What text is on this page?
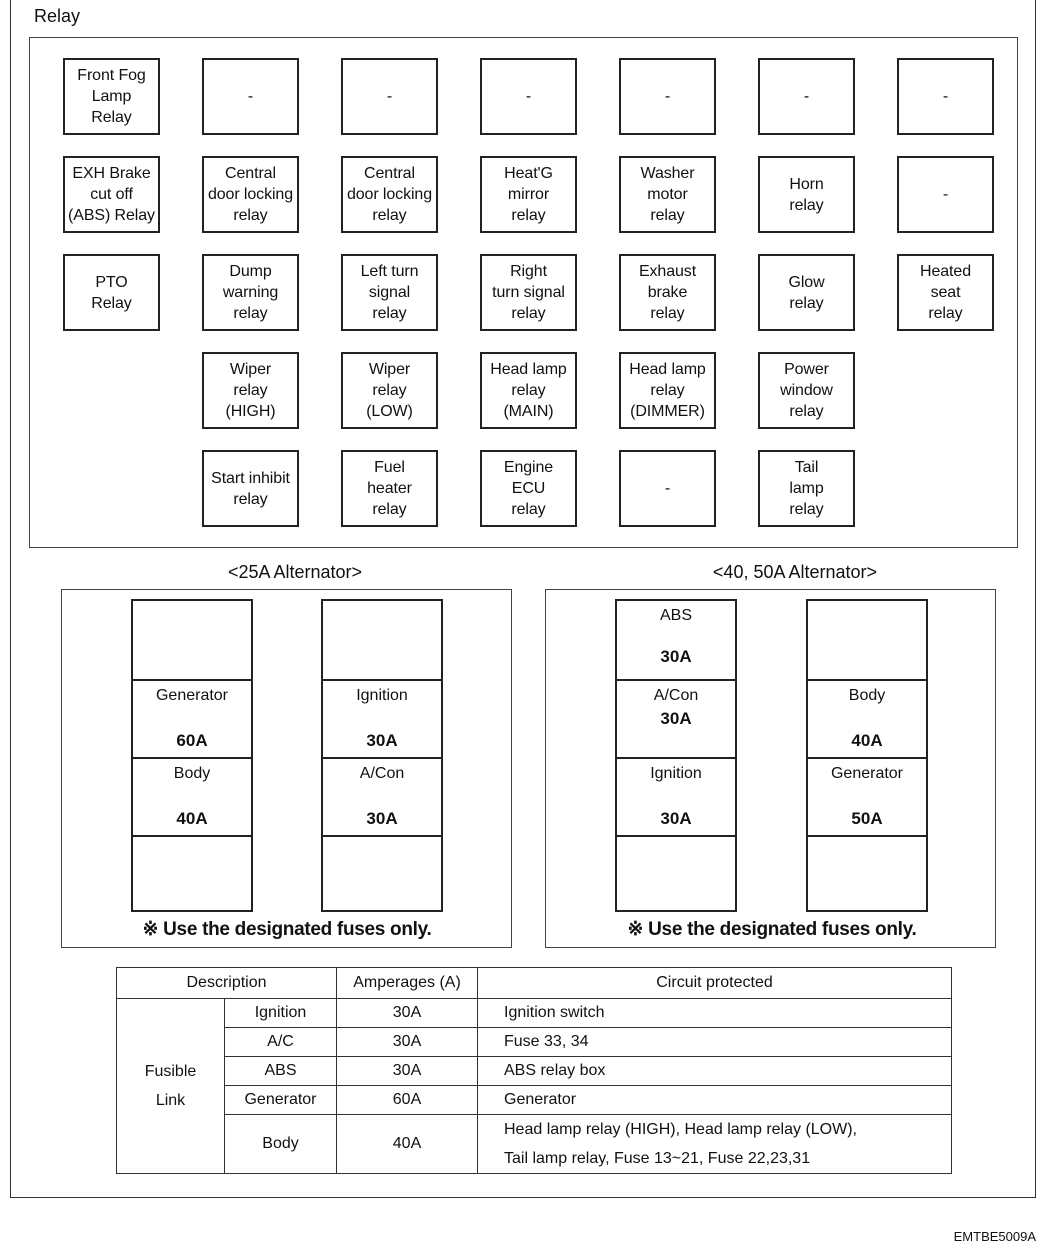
Relay
Front Fog
Lamp
Relay
-	-	-	-	-	-
EXH Brake
cut off
(ABS) Relay
Central
door locking
relay
Central
door locking
relay
Heat'G
mirror
relay
Washer
motor
relay
Horn
relay
-
PTO
Relay
Dump
warning
relay
Left turn
signal
relay
Right
turn signal
relay
Exhaust
brake
relay
Glow
relay
Heated
seat
relay
Wiper
relay
(HIGH)
Wiper
relay
(LOW)
Head lamp
relay
(MAIN)
Head lamp
relay
(DIMMER)
Power
window
relay
Start inhibit
relay
Fuel
heater
relay
Engine
ECU
relay
-
Tail
lamp
relay
<25A Alternator>
Generator
60A
Body
40A
Ignition
30A
A/Con
30A
※ Use the designated fuses only.
<40, 50A Alternator>
ABS
30A
A/Con
30A
Ignition
30A
Body
40A
Generator
50A
※ Use the designated fuses only.
Description		Amperages (A)	Circuit protected
Fusible
Link	Ignition	30A	Ignition switch
	A/C	30A	Fuse 33, 34
	ABS	30A	ABS relay box
	Generator	60A	Generator
	Body	40A	Head lamp relay (HIGH), Head lamp relay (LOW),
Tail lamp relay, Fuse 13~21, Fuse 22,23,31
EMTBE5009A
